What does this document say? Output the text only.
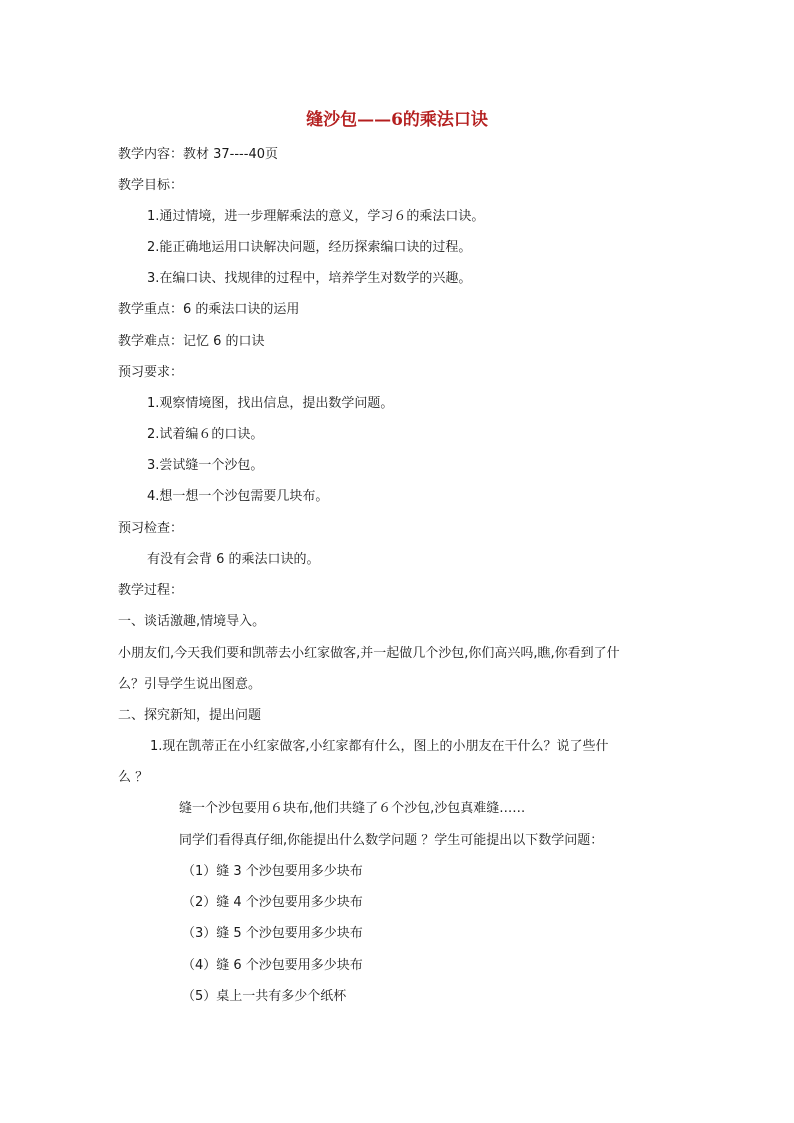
缝沙包——6的乘法口诀
教学内容：教材 37----40页
教学目标：
1.通过情境，进一步理解乘法的意义，学习６的乘法口诀。
2.能正确地运用口诀解决问题，经历探索编口诀的过程。
3.在编口诀、找规律的过程中，培养学生对数学的兴趣。
教学重点：6 的乘法口诀的运用
教学难点：记忆 6 的口诀
预习要求：
1.观察情境图，找出信息，提出数学问题。
2.试着编６的口诀。
3.尝试缝一个沙包。
4.想一想一个沙包需要几块布。
预习检查：
有没有会背 6 的乘法口诀的。
教学过程：
一、谈话激趣,情境导入。
小朋友们,今天我们要和凯蒂去小红家做客,并一起做几个沙包,你们高兴吗,瞧,你看到了什
么？引导学生说出图意。
二、探究新知，提出问题
1.现在凯蒂正在小红家做客,小红家都有什么，图上的小朋友在干什么？说了些什
么 ？
缝一个沙包要用６块布,他们共缝了６个沙包,沙包真难缝……
同学们看得真仔细,你能提出什么数学问题 ？学生可能提出以下数学问题：
（1）缝 3 个沙包要用多少块布
（2）缝 4 个沙包要用多少块布
（3）缝 5 个沙包要用多少块布
（4）缝 6 个沙包要用多少块布
（5）桌上一共有多少个纸杯
